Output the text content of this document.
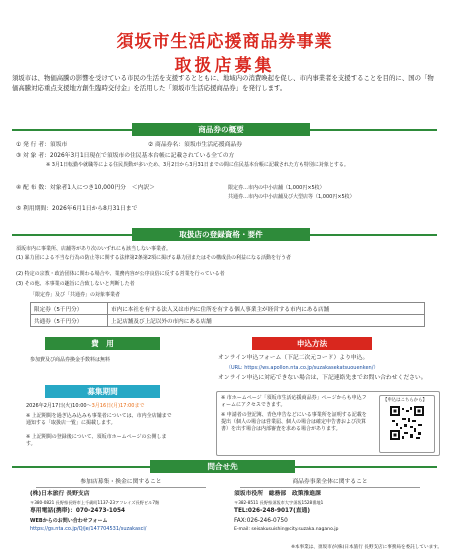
須坂市生活応援商品券事業
取扱店募集
須坂市は、物価高騰の影響を受けている市民の生活を支援するとともに、地域内の消費喚起を促し、市内事業者を支援することを目的に、国の「物価高騰対応重点支援地方創生臨時交付金」を活用した「須坂市生活応援商品券」を発行します。
商品券の概要
① 発 行 者：須坂市	② 商品券名：須坂市生活応援商品券
③ 対 象 者：2026年3月1日現在で須坂市の住民基本台帳に記載されている全ての方
※ 3月1日転勤や就職等による住民異動が多いため、3月2日から3月31日までの間に住民基本台帳に記載された方も特別に対象とする。
④ 配 布 数：対象者1人につき10,000円分　＜内訳＞	限定券…市内の中小店舗（1,000円×5枚）
共通券…市内の中小店舗及び大型店等（1,000円×5枚）
⑤ 利用期間：2026年6月1日から8月31日まで
取扱店の登録資格・要件
須坂市内に事業所、店舗等があり次のいずれにも該当しない事業者。
(1) 暴力団による不当な行為の防止等に関する法律第2条第2項に掲げる暴力団またはその構成員の利益になる活動を行う者
(2) 特定の宗教・政治団体に関わる場合や、業務内容が公序良俗に反する営業を行っている者
(3) その他、本事業の趣旨に合致しないと判断した者
「限定券」及び「共通券」の対象事業者
限定券（5千円分）	市内に本社を有する法人又は市内に住所を有する個人事業主が経営する市内にある店舗
共通券（5千円分）	上記店舗及び上記以外の市内にある店舗
費　用
参加費及び商品券換金手数料は無料
募集期間
2026年2月17日(火)10:00～3月16日(月)17:00まで
※ 上記期間を過ぎ込み込みも事業者については、市内全店舗まで通知する「取扱店一覧」に掲載します。
※ 上記期間の登録後について、須坂市ホームページの公開します。
申込方法
オンライン申込フォーム（下記二次元コード）より申込。
（URL: https://ws.apollon.nta.co.jp/suzakasekatsuouenken/）
オンライン申込に対応できない場合は、下記連絡先までお問い合わせください。
※ 市ホームページ「須坂市生活応援商品券」ページからも申込フォームにアクセスできます。
※ 申請者の登記簿、青色申告などにいる事業所を証明する記載を提出（個人の場合は営業届、個人の場合は確定申告書および決算書）を出す場合は内部審査を求める場合があります。
【申込はこちらから】
問合せ先
参加店募集・換金に関すること
(株)日本旅行 長野支店
〒380-0821 長野県長野市上千歳町1137-23アフレイズ長野ビル7階
専用電話(携帯)：070-2473-1054
WEBからのお問い合わせフォーム
https://gs.nta.co.jp/Q/je/147704531/suzakasci/
商品券事業全体に関すること
須坂市役所　総務部　政策推進課
〒382-8511 長野県須坂市大字須坂1528番地1
TEL:026-248-9017(直通)
FAX:026-246-0750
E-mail: seisakusuishin@city.suzaka.nagano.jp
※本事業は、須坂市が(株)日本旅行 長野支店に事務局を委託しています。
